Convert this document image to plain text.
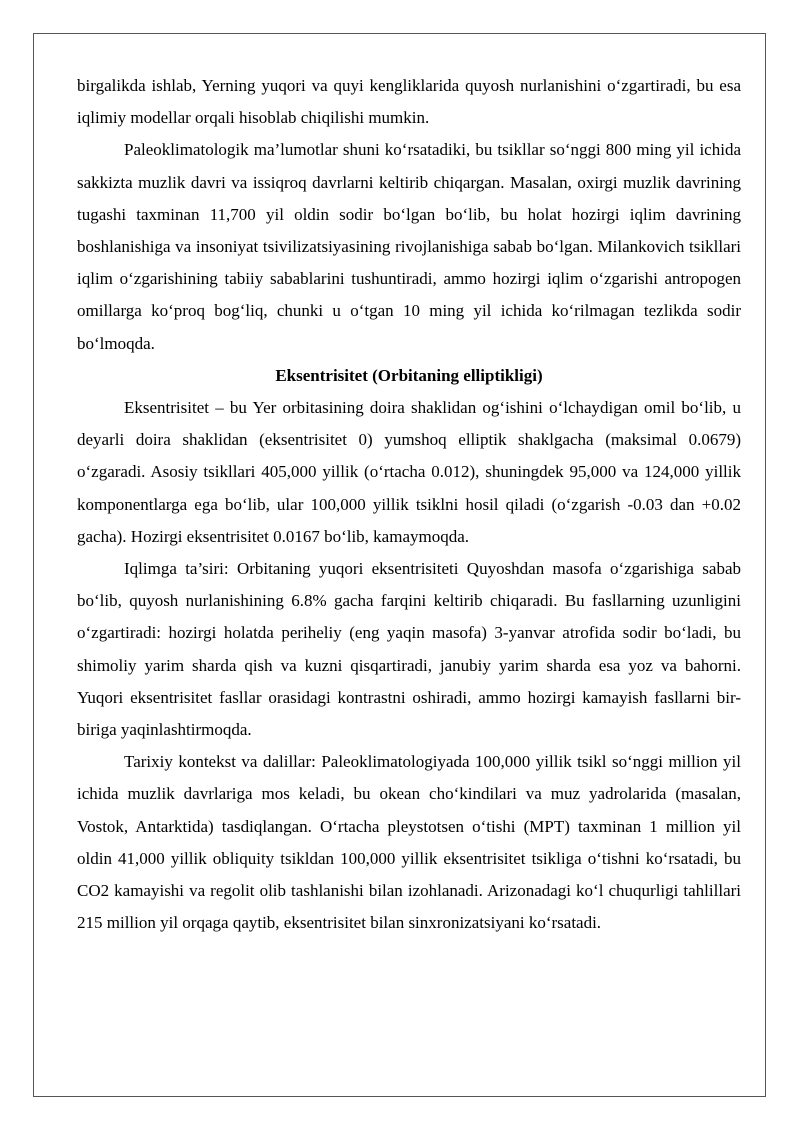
birgalikda ishlab, Yerning yuqori va quyi kengliklarida quyosh nurlanishini o‘zgartiradi, bu esa iqlimiy modellar orqali hisoblab chiqilishi mumkin.

Paleoklimatologik ma’lumotlar shuni ko‘rsatadiki, bu tsikllar so‘nggi 800 ming yil ichida sakkizta muzlik davri va issiqroq davrlarni keltirib chiqargan. Masalan, oxirgi muzlik davrining tugashi taxminan 11,700 yil oldin sodir bo‘lgan bo‘lib, bu holat hozirgi iqlim davrining boshlanishiga va insoniyat tsivilizatsiyasining rivojlanishiga sabab bo‘lgan. Milankovich tsikllari iqlim o‘zgarishining tabiiy sabablarini tushuntiradi, ammo hozirgi iqlim o‘zgarishi antropogen omillarga ko‘proq bog‘liq, chunki u o‘tgan 10 ming yil ichida ko‘rilmagan tezlikda sodir bo‘lmoqda.

Eksentrisitet (Orbitaning elliptikligi)

Eksentrisitet – bu Yer orbitasining doira shaklidan og‘ishini o‘lchaydigan omil bo‘lib, u deyarli doira shaklidan (eksentrisitet 0) yumshoq elliptik shaklgacha (maksimal 0.0679) o‘zgaradi. Asosiy tsikllari 405,000 yillik (o‘rtacha 0.012), shuningdek 95,000 va 124,000 yillik komponentlarga ega bo‘lib, ular 100,000 yillik tsiklni hosil qiladi (o‘zgarish -0.03 dan +0.02 gacha). Hozirgi eksentrisitet 0.0167 bo‘lib, kamaymoqda.

Iqlimga ta’siri: Orbitaning yuqori eksentrisiteti Quyoshdan masofa o‘zgarishiga sabab bo‘lib, quyosh nurlanishining 6.8% gacha farqini keltirib chiqaradi. Bu fasllarning uzunligini o‘zgartiradi: hozirgi holatda periheliy (eng yaqin masofa) 3-yanvar atrofida sodir bo‘ladi, bu shimoliy yarim sharda qish va kuzni qisqartiradi, janubiy yarim sharda esa yoz va bahorni. Yuqori eksentrisitet fasllar orasidagi kontrastni oshiradi, ammo hozirgi kamayish fasllarni bir-biriga yaqinlashtirmoqda.

Tarixiy kontekst va dalillar: Paleoklimatologiyada 100,000 yillik tsikl so‘nggi million yil ichida muzlik davrlariga mos keladi, bu okean cho‘kindilari va muz yadrolarida (masalan, Vostok, Antarktida) tasdiqlangan. O‘rtacha pleystotsen o‘tishi (MPT) taxminan 1 million yil oldin 41,000 yillik obliquity tsikldan 100,000 yillik eksentrisitet tsikliga o‘tishni ko‘rsatadi, bu CO2 kamayishi va regolit olib tashlanishi bilan izohlanadi. Arizonadagi ko‘l chuqurligi tahlillari 215 million yil orqaga qaytib, eksentrisitet bilan sinxronizatsiyani ko‘rsatadi.
